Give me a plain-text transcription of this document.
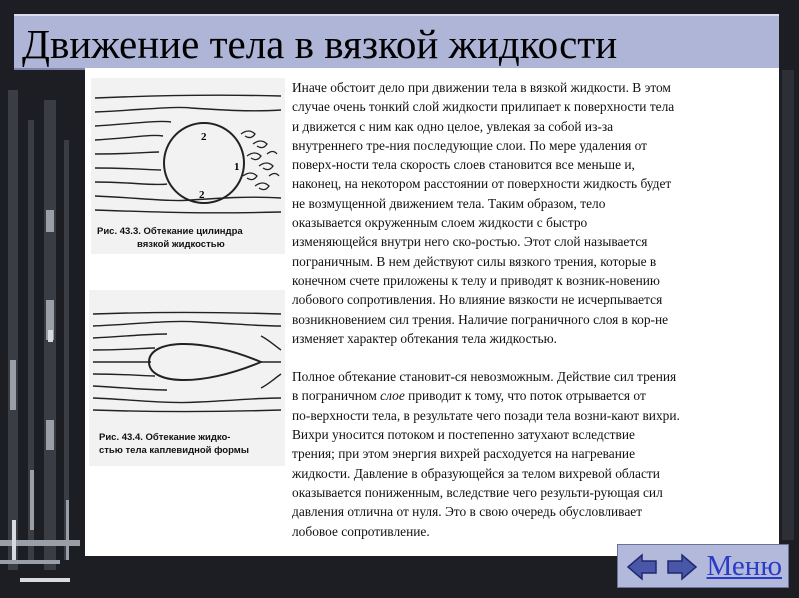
Движение тела в вязкой жидкости
2
2
1
Рис. 43.3. Обтекание цилиндра
вязкой жидкостью
Рис. 43.4. Обтекание жидко-
стью тела каплевидной формы

Иначе обстоит дело при движении тела в вязкой жидкости. В этом
случае очень тонкий слой жидкости прилипает к поверхности тела
и движется с ним как одно целое, увлекая за собой из-за
внутреннего тре-ния последующие слои. По мере удаления от
поверх-ности тела скорость слоев становится все меньше и,
наконец, на некотором расстоянии от поверхности жидкость будет
не возмущенной движением тела. Таким образом, тело
оказывается окруженным слоем жидкости с быстро
изменяющейся внутри него ско-ростью. Этот слой называется
пограничным. В нем действуют силы вязкого трения, которые в
конечном счете приложены к телу и приводят к возник-новению
лобового сопротивления. Но влияние вязкости не исчерпывается
возникновением сил трения. Наличие пограничного слоя в кор-не
изменяет характер обтекания тела жидкостью.

Полное обтекание становит-ся невозможным. Действие сил трения
в пограничном слое приводит к тому, что поток отрывается от
по-верхности тела, в результате чего позади тела возни-кают вихри.
Вихри уносится потоком и постепенно затухают вследствие
трения; при этом энергия вихрей расходуется на нагревание
жидкости. Давление в образующейся за телом вихревой области
оказывается пониженным, вследствие чего результи-рующая сил
давления отлична от нуля. Это в свою очередь обусловливает
лобовое сопротивление.

Меню
